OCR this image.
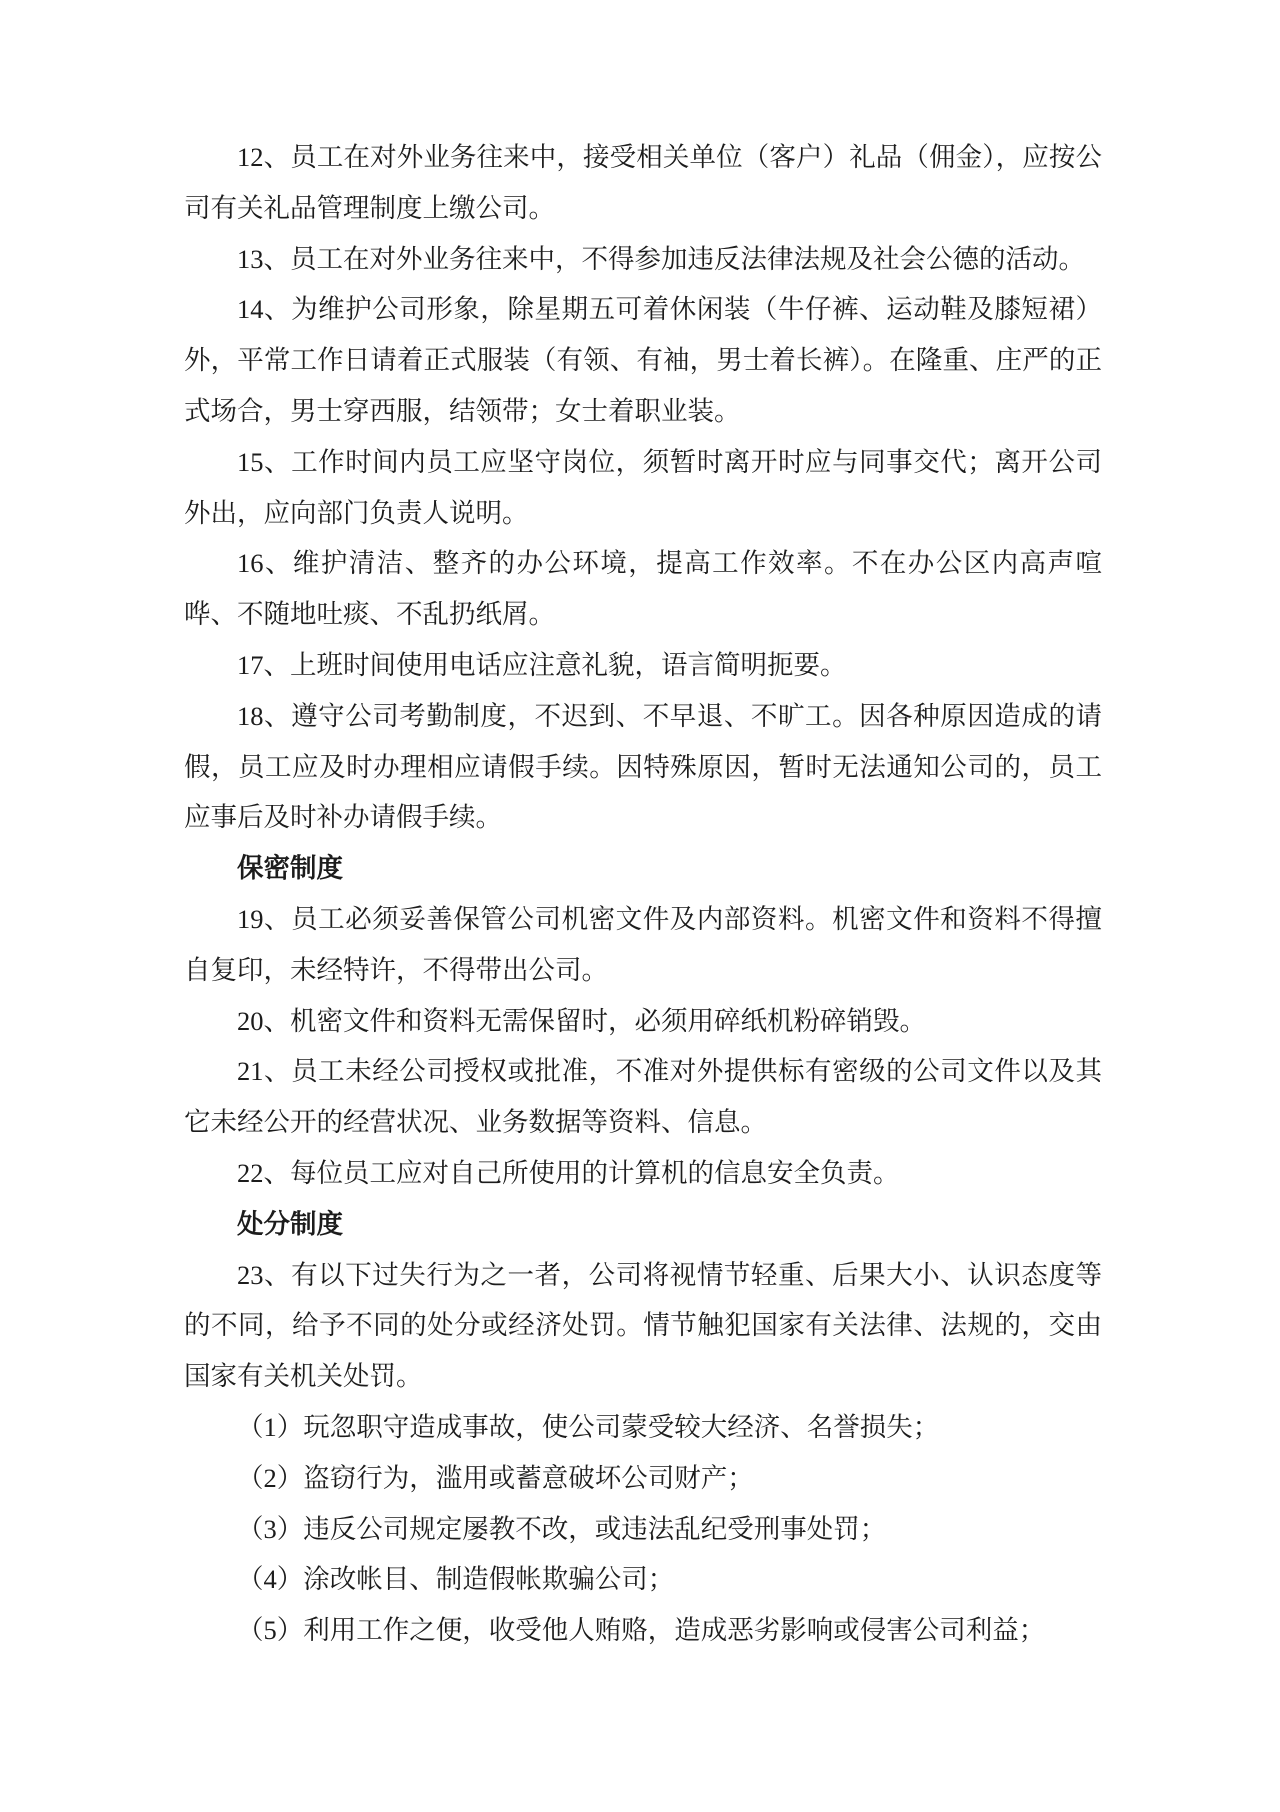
12、员工在对外业务往来中，接受相关单位（客户）礼品（佣金），应按公司有关礼品管理制度上缴公司。

13、员工在对外业务往来中，不得参加违反法律法规及社会公德的活动。

14、为维护公司形象，除星期五可着休闲装（牛仔裤、运动鞋及膝短裙）外，平常工作日请着正式服装（有领、有袖，男士着长裤）。在隆重、庄严的正式场合，男士穿西服，结领带；女士着职业装。

15、工作时间内员工应坚守岗位，须暂时离开时应与同事交代；离开公司外出，应向部门负责人说明。

16、维护清洁、整齐的办公环境，提高工作效率。不在办公区内高声喧哗、不随地吐痰、不乱扔纸屑。

17、上班时间使用电话应注意礼貌，语言简明扼要。

18、遵守公司考勤制度，不迟到、不早退、不旷工。因各种原因造成的请假，员工应及时办理相应请假手续。因特殊原因，暂时无法通知公司的，员工应事后及时补办请假手续。

保密制度

19、员工必须妥善保管公司机密文件及内部资料。机密文件和资料不得擅自复印，未经特许，不得带出公司。

20、机密文件和资料无需保留时，必须用碎纸机粉碎销毁。

21、员工未经公司授权或批准，不准对外提供标有密级的公司文件以及其它未经公开的经营状况、业务数据等资料、信息。

22、每位员工应对自己所使用的计算机的信息安全负责。

处分制度

23、有以下过失行为之一者，公司将视情节轻重、后果大小、认识态度等的不同，给予不同的处分或经济处罚。情节触犯国家有关法律、法规的，交由国家有关机关处罚。

（1）玩忽职守造成事故，使公司蒙受较大经济、名誉损失；

（2）盗窃行为，滥用或蓄意破坏公司财产；

（3）违反公司规定屡教不改，或违法乱纪受刑事处罚；

（4）涂改帐目、制造假帐欺骗公司；

（5）利用工作之便，收受他人贿赂，造成恶劣影响或侵害公司利益；
